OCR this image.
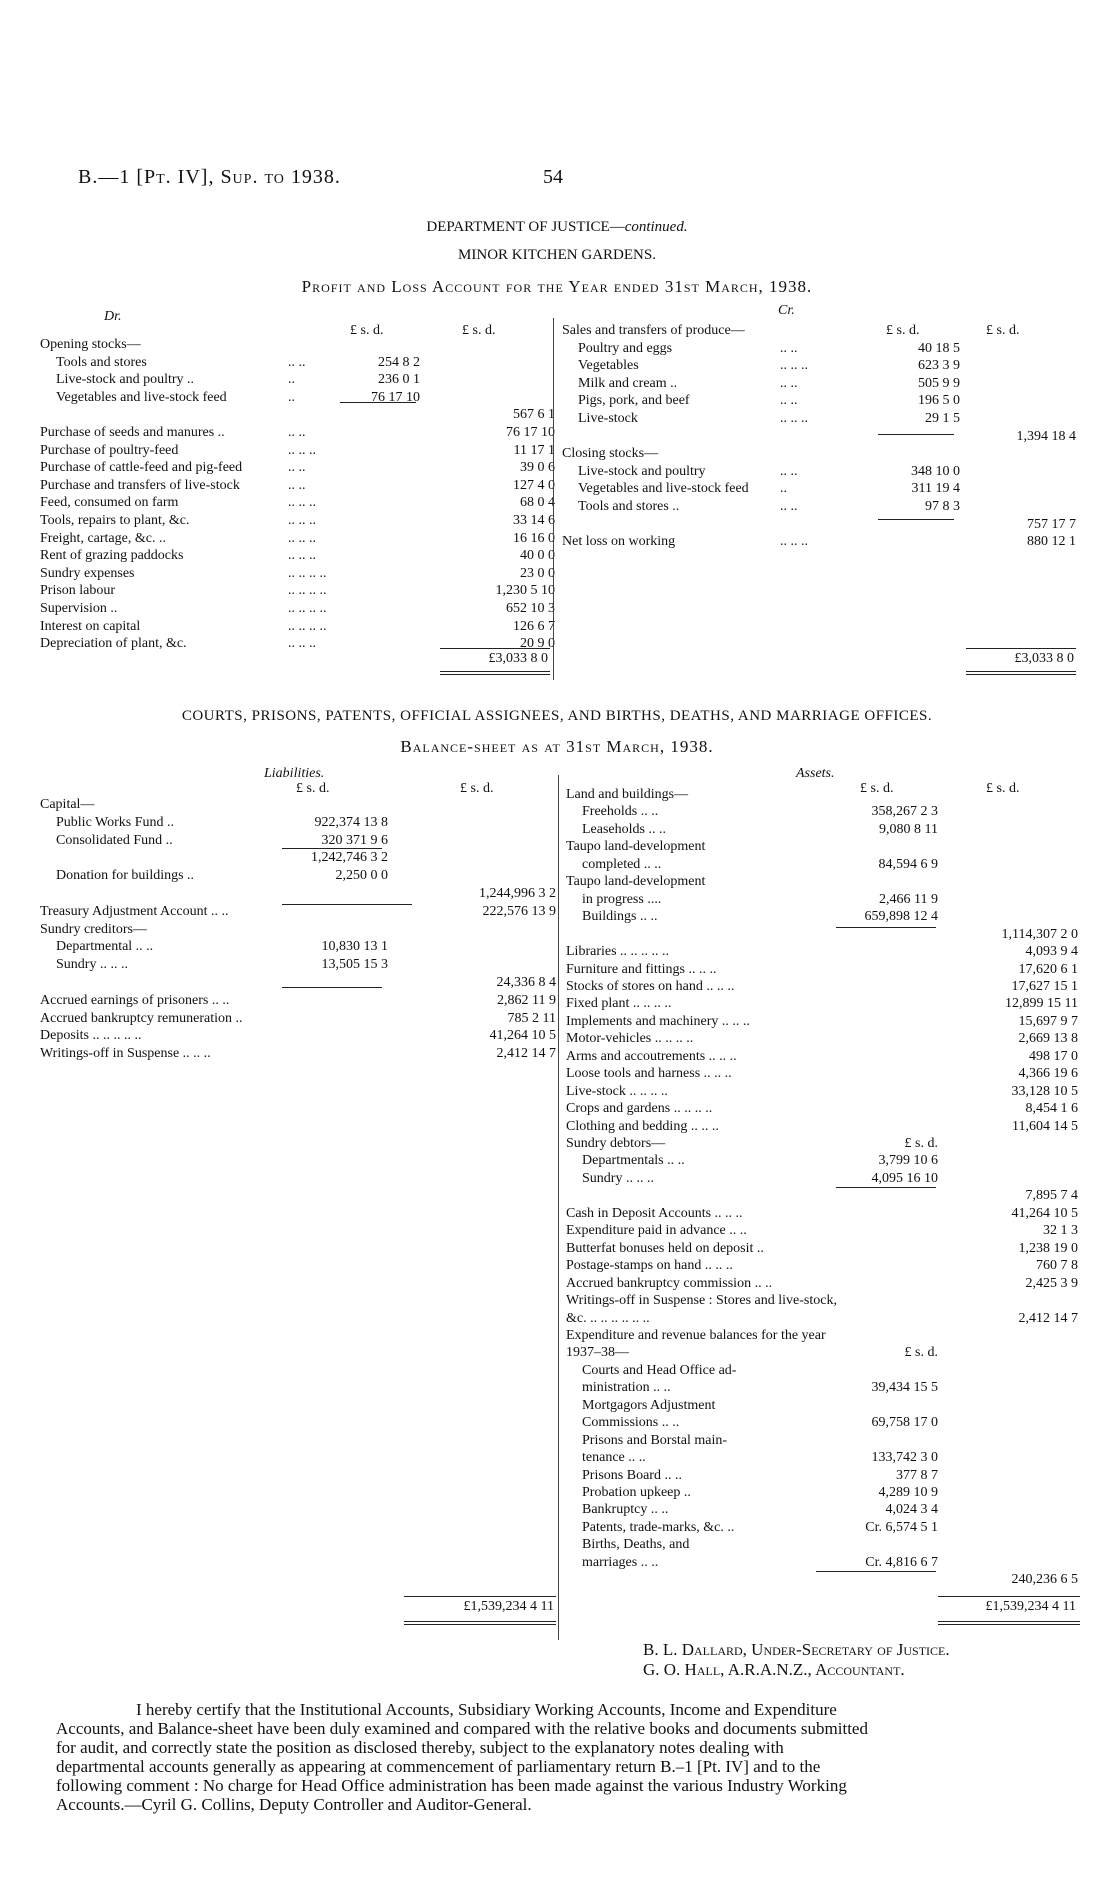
B.—1 [Pt. IV], Sup. to 1938.	54
DEPARTMENT OF JUSTICE—continued.
MINOR KITCHEN GARDENS.
Profit and Loss Account for the Year ended 31st March, 1938.
Dr.	Cr.
£ s. d.	£ s. d.	£ s. d.	£ s. d.
Opening stocks—
Tools and stores	.. ..	254 8 2
Live-stock and poultry ..	..	236 0 1
Vegetables and live-stock feed	..	76 17 10
567 6 1
Purchase of seeds and manures ..	.. ..	76 17 10
Purchase of poultry-feed	.. .. ..	11 17 1
Purchase of cattle-feed and pig-feed	.. ..	39 0 6
Purchase and transfers of live-stock	.. ..	127 4 0
Feed, consumed on farm	.. .. ..	68 0 4
Tools, repairs to plant, &c.	.. .. ..	33 14 6
Freight, cartage, &c. ..	.. .. ..	16 16 0
Rent of grazing paddocks	.. .. ..	40 0 0
Sundry expenses	.. .. .. ..	23 0 0
Prison labour	.. .. .. ..	1,230 5 10
Supervision ..	.. .. .. ..	652 10 3
Interest on capital	.. .. .. ..	126 6 7
Depreciation of plant, &c.	.. .. ..	20 9 0
Sales and transfers of produce—
Poultry and eggs	.. ..	40 18 5
Vegetables	.. .. ..	623 3 9
Milk and cream ..	.. ..	505 9 9
Pigs, pork, and beef	.. ..	196 5 0
Live-stock	.. .. ..	29 1 5
1,394 18 4
Closing stocks—
Live-stock and poultry	.. ..	348 10 0
Vegetables and live-stock feed ..	311 19 4
Tools and stores ..	.. ..	97 8 3
757 17 7
Net loss on working	.. .. ..	880 12 1
£3,033 8 0	£3,033 8 0
COURTS, PRISONS, PATENTS, OFFICIAL ASSIGNEES, AND BIRTHS, DEATHS, AND MARRIAGE OFFICES.
Balance-sheet as at 31st March, 1938.
Liabilities.	Assets.
£ s. d.	£ s. d.	£ s. d.	£ s. d.
Capital—
Public Works Fund ..	922,374 13 8
Consolidated Fund ..	320 371 9 6
1,242,746 3 2
Donation for buildings ..	2,250 0 0
1,244,996 3 2
Treasury Adjustment Account .. ..	222,576 13 9
Sundry creditors—
Departmental .. ..	10,830 13 1
Sundry .. .. ..	13,505 15 3
24,336 8 4
Accrued earnings of prisoners .. ..	2,862 11 9
Accrued bankruptcy remuneration ..	785 2 11
Deposits .. .. .. .. ..	41,264 10 5
Writings-off in Suspense .. .. ..	2,412 14 7
Land and buildings—
Freeholds .. ..	358,267 2 3
Leaseholds .. ..	9,080 8 11
Taupo land-development
completed .. ..	84,594 6 9
Taupo land-development
in progress ....	2,466 11 9
Buildings .. ..	659,898 12 4
1,114,307 2 0
Libraries .. .. .. .. ..	4,093 9 4
Furniture and fittings .. .. ..	17,620 6 1
Stocks of stores on hand .. .. ..	17,627 15 1
Fixed plant .. .. .. ..	12,899 15 11
Implements and machinery .. .. ..	15,697 9 7
Motor-vehicles .. .. .. ..	2,669 13 8
Arms and accoutrements .. .. ..	498 17 0
Loose tools and harness .. .. ..	4,366 19 6
Live-stock .. .. .. ..	33,128 10 5
Crops and gardens .. .. .. ..	8,454 1 6
Clothing and bedding .. .. ..	11,604 14 5
Sundry debtors—	£ s. d.
Departmentals .. ..	3,799 10 6
Sundry .. .. ..	4,095 16 10
7,895 7 4
Cash in Deposit Accounts .. .. ..	41,264 10 5
Expenditure paid in advance .. ..	32 1 3
Butterfat bonuses held on deposit ..	1,238 19 0
Postage-stamps on hand .. .. ..	760 7 8
Accrued bankruptcy commission .. ..	2,425 3 9
Writings-off in Suspense : Stores and live-stock,
&c. .. .. .. .. .. ..	2,412 14 7
Expenditure and revenue balances for the year
1937–38—	£ s. d.
Courts and Head Office ad-
ministration .. ..	39,434 15 5
Mortgagors Adjustment
Commissions .. ..	69,758 17 0
Prisons and Borstal main-
tenance .. ..	133,742 3 0
Prisons Board .. ..	377 8 7
Probation upkeep ..	4,289 10 9
Bankruptcy .. ..	4,024 3 4
Patents, trade-marks, &c. ..	Cr. 6,574 5 1
Births, Deaths, and
marriages .. ..	Cr. 4,816 6 7
240,236 6 5
£1,539,234 4 11	£1,539,234 4 11
B. L. Dallard, Under-Secretary of Justice.
G. O. Hall, A.R.A.N.Z., Accountant.
I hereby certify that the Institutional Accounts, Subsidiary Working Accounts, Income and Expenditure
Accounts, and Balance-sheet have been duly examined and compared with the relative books and documents submitted
for audit, and correctly state the position as disclosed thereby, subject to the explanatory notes dealing with
departmental accounts generally as appearing at commencement of parliamentary return B.–1 [Pt. IV] and to the
following comment : No charge for Head Office administration has been made against the various Industry Working
Accounts.—Cyril G. Collins, Deputy Controller and Auditor-General.
